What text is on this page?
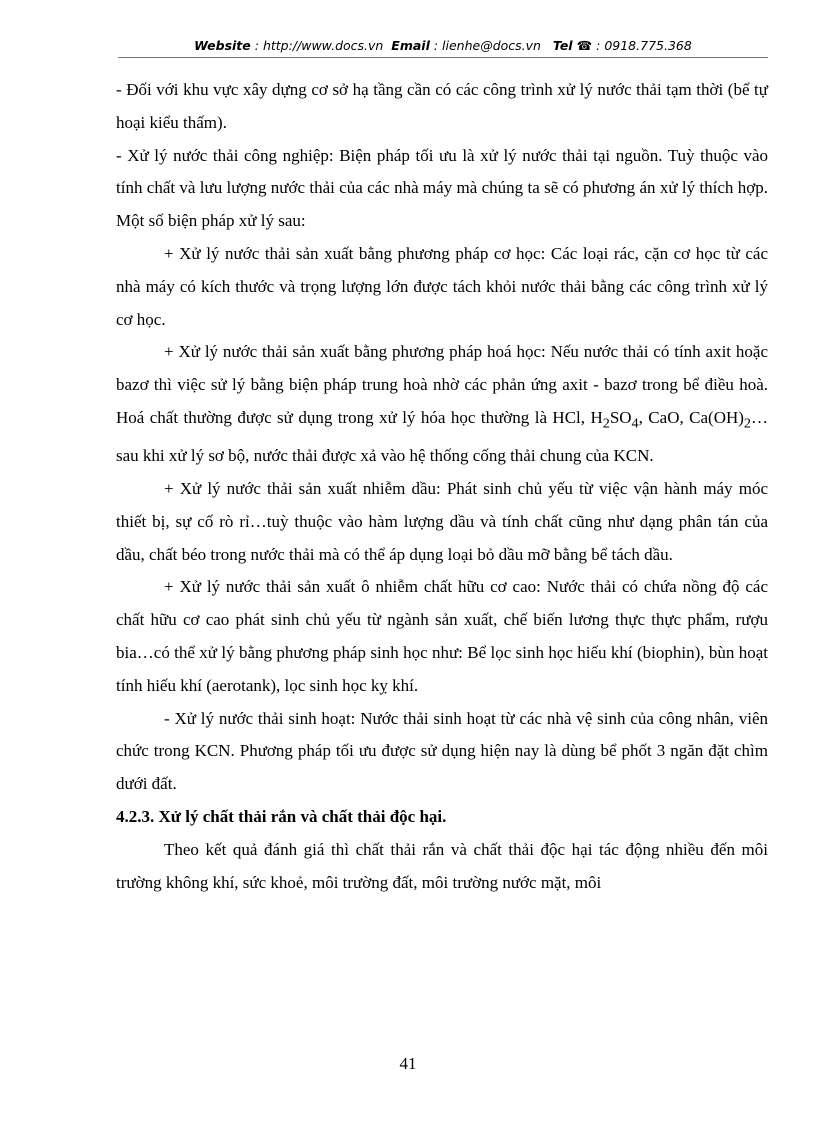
Website : http://www.docs.vn Email : lienhe@docs.vn Tel ☎ : 0918.775.368

- Đối với khu vực xây dựng cơ sở hạ tầng cần có các công trình xử lý nước thải tạm thời (bể tự hoại kiểu thấm).

- Xử lý nước thải công nghiệp: Biện pháp tối ưu là xử lý nước thải tại nguồn. Tuỳ thuộc vào tính chất và lưu lượng nước thải của các nhà máy mà chúng ta sẽ có phương án xử lý thích hợp. Một số biện pháp xử lý sau:

+ Xử lý nước thải sản xuất bằng phương pháp cơ học: Các loại rác, cặn cơ học từ các nhà máy có kích thước và trọng lượng lớn được tách khỏi nước thải bằng các công trình xử lý cơ học.

+ Xử lý nước thải sản xuất bằng phương pháp hoá học: Nếu nước thải có tính axit hoặc bazơ thì việc sử lý bằng biện pháp trung hoà nhờ các phản ứng axit - bazơ trong bể điều hoà. Hoá chất thường được sử dụng trong xử lý hóa học thường là HCl, $H_2SO_4$, CaO, $Ca(OH)_2\dots sau$ khi xử lý sơ bộ, nước thải được xả vào hệ thống cống thải chung của KCN.

+ Xử lý nước thải sản xuất nhiễm dầu: Phát sinh chủ yếu từ việc vận hành máy móc thiết bị, sự cố rò rỉ…tuỳ thuộc vào hàm lượng dầu và tính chất cũng như dạng phân tán của dầu, chất béo trong nước thải mà có thể áp dụng loại bỏ dầu mỡ bằng bể tách dầu.

+ Xử lý nước thải sản xuất ô nhiễm chất hữu cơ cao: Nước thải có chứa nồng độ các chất hữu cơ cao phát sinh chủ yếu từ ngành sản xuất, chế biến lương thực thực phẩm, rượu bia…có thể xử lý bằng phương pháp sinh học như: Bể lọc sinh học hiếu khí (biophin), bùn hoạt tính hiếu khí (aerotank), lọc sinh học kỵ khí.

- Xử lý nước thải sinh hoạt: Nước thải sinh hoạt từ các nhà vệ sinh của công nhân, viên chức trong KCN. Phương pháp tối ưu được sử dụng hiện nay là dùng bể phốt 3 ngăn đặt chìm dưới đất.

4.2.3. Xử lý chất thải rắn và chất thải độc hại.

Theo kết quả đánh giá thì chất thải rắn và chất thải độc hại tác động nhiều đến môi trường không khí, sức khoẻ, môi trường đất, môi trường nước mặt, môi

41
